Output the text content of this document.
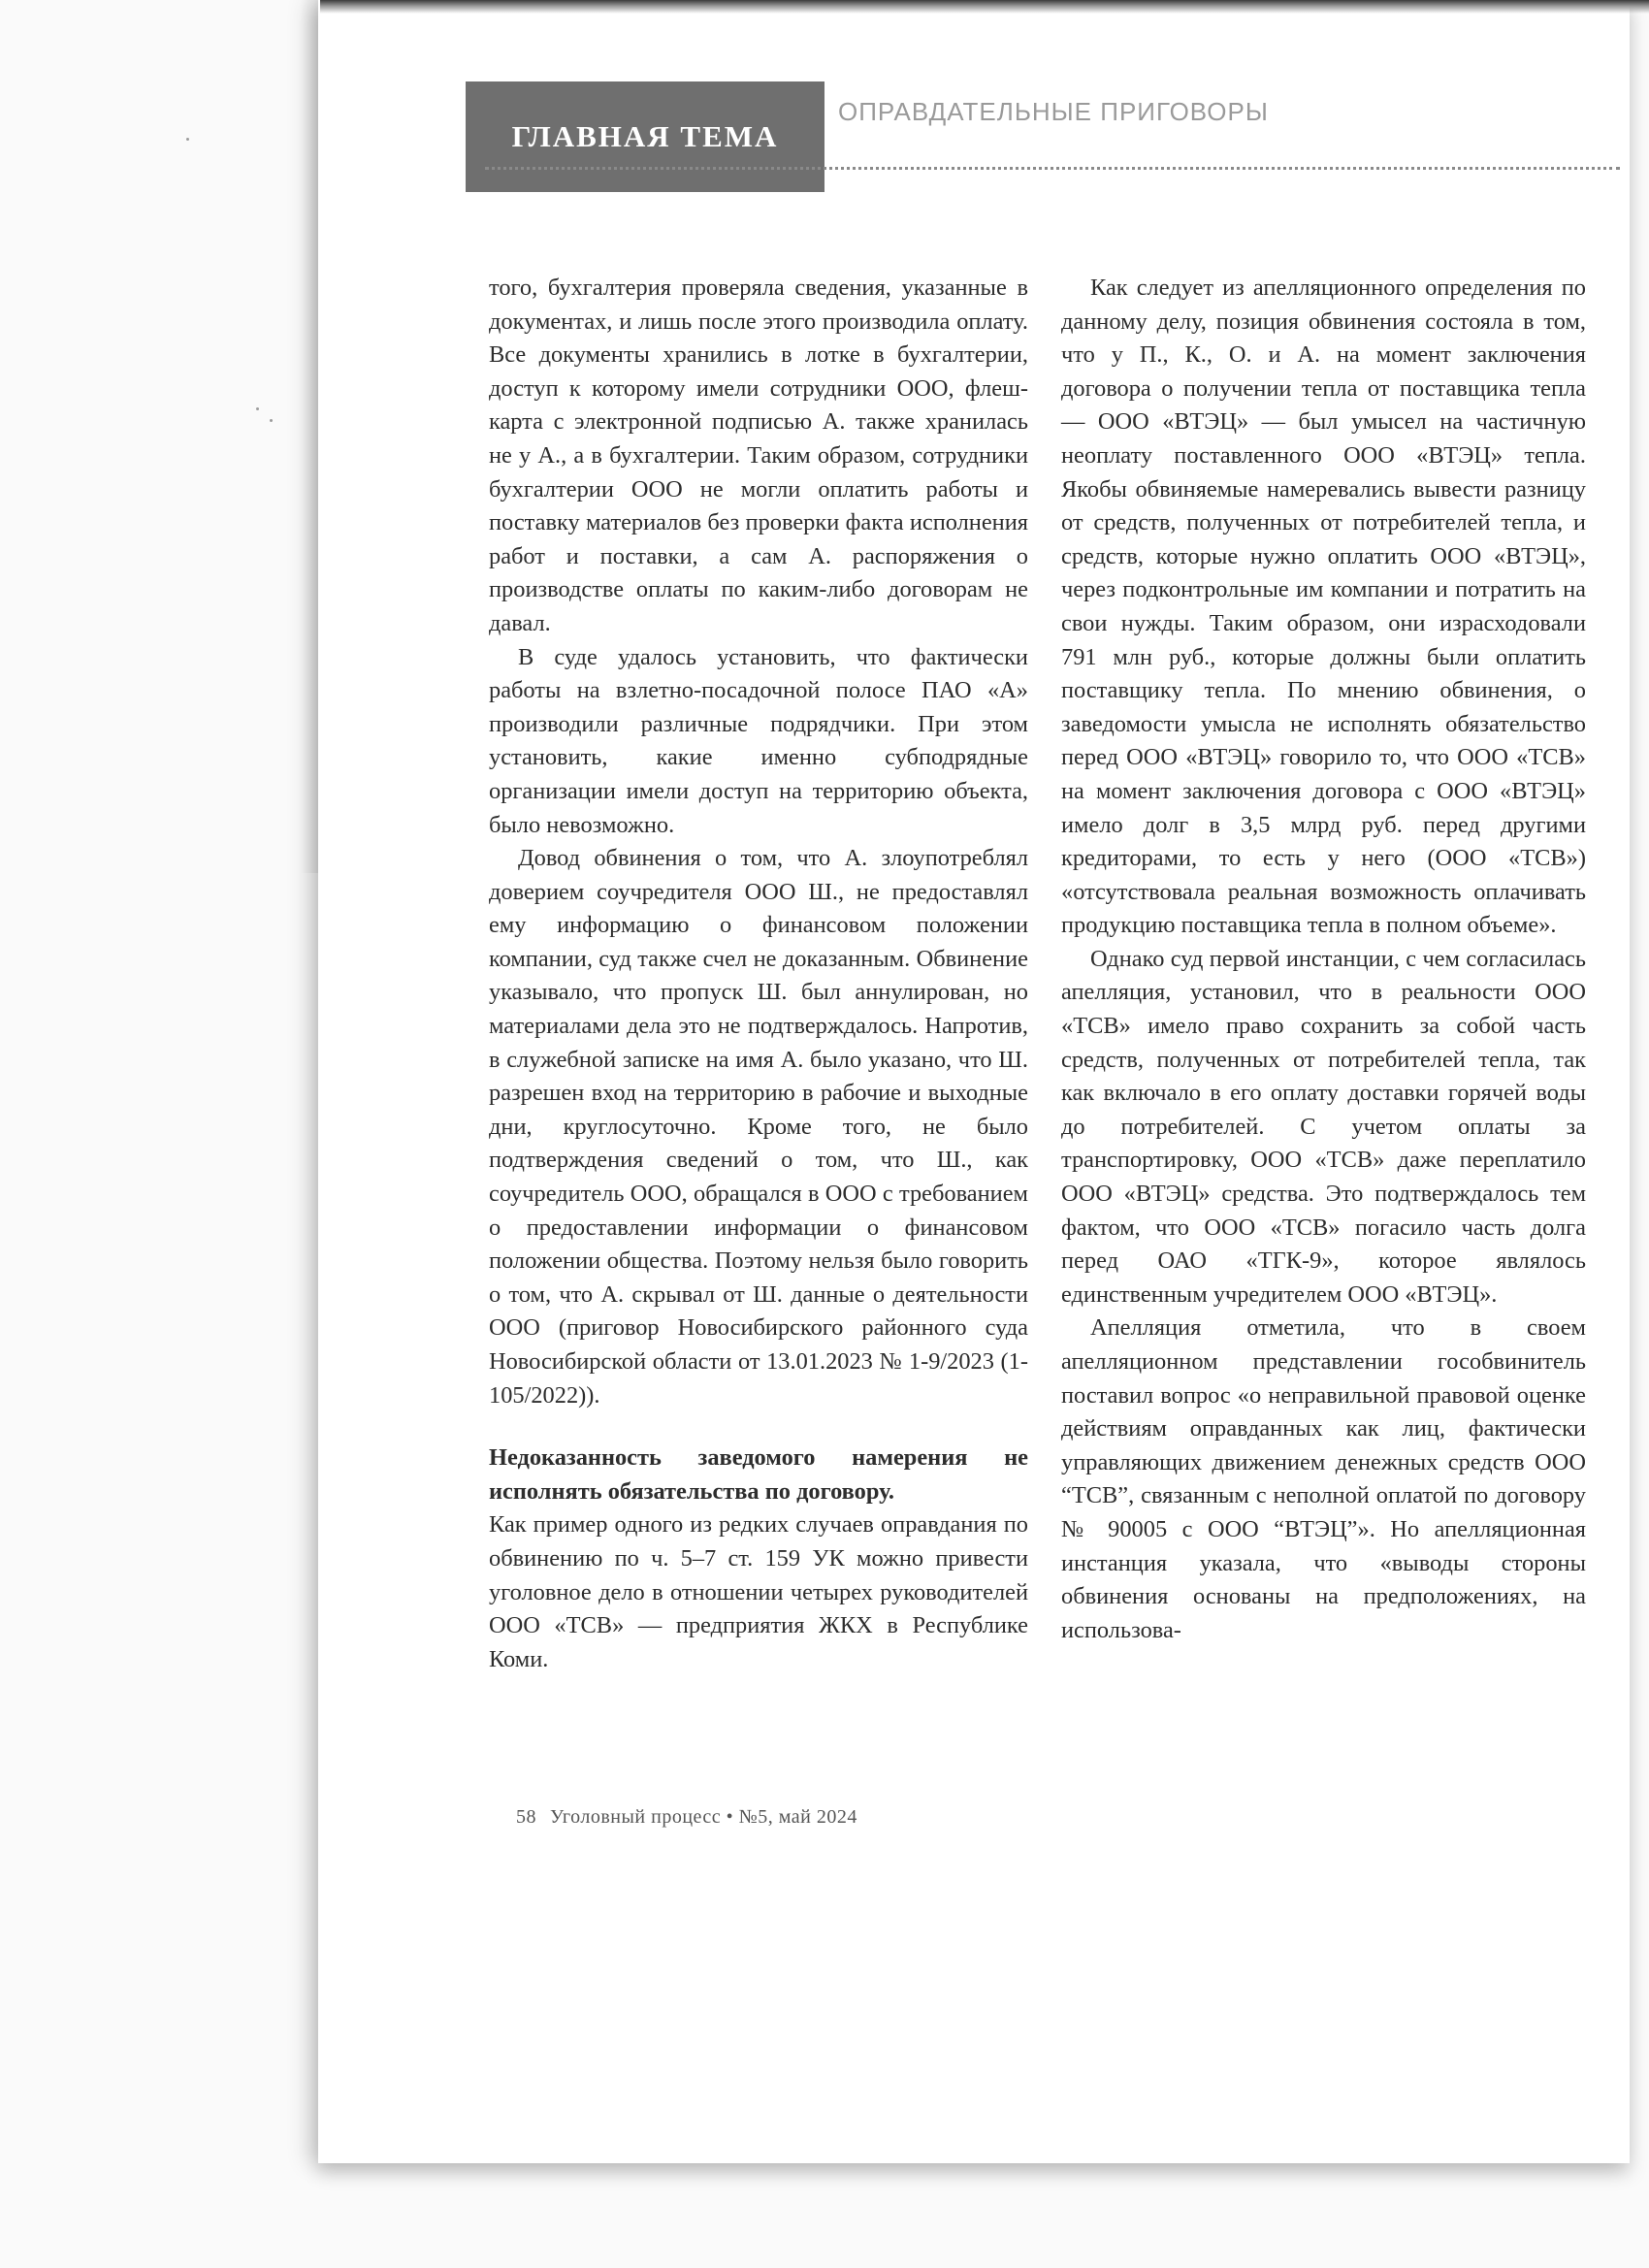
ГЛАВНАЯ ТЕМА
ОПРАВДАТЕЛЬНЫЕ ПРИГОВОРЫ

того, бухгалтерия проверяла сведения, указанные в документах, и лишь после этого производила оплату. Все документы хранились в лотке в бухгалтерии, доступ к которому имели сотрудники ООО, флеш-карта с электронной подписью А. также хранилась не у А., а в бухгалтерии. Таким образом, сотрудники бухгалтерии ООО не могли оплатить работы и поставку материалов без проверки факта исполнения работ и поставки, а сам А. распоряжения о производстве оплаты по каким-либо договорам не давал.

В суде удалось установить, что фактически работы на взлетно-посадочной полосе ПАО «А» производили различные подрядчики. При этом установить, какие именно субподрядные организации имели доступ на территорию объекта, было невозможно.

Довод обвинения о том, что А. злоупотреблял доверием соучредителя ООО Ш., не предоставлял ему информацию о финансовом положении компании, суд также счел не доказанным. Обвинение указывало, что пропуск Ш. был аннулирован, но материалами дела это не подтверждалось. Напротив, в служебной записке на имя А. было указано, что Ш. разрешен вход на территорию в рабочие и выходные дни, круглосуточно. Кроме того, не было подтверждения сведений о том, что Ш., как соучредитель ООО, обращался в ООО с требованием о предоставлении информации о финансовом положении общества. Поэтому нельзя было говорить о том, что А. скрывал от Ш. данные о деятельности ООО (приговор Новосибирского районного суда Новосибирской области от 13.01.2023 № 1-9/2023 (1-105/2022)).

Недоказанность заведомого намерения не исполнять обязательства по договору.

Как пример одного из редких случаев оправдания по обвинению по ч. 5–7 ст. 159 УК можно привести уголовное дело в отношении четырех руководителей ООО «ТСВ» — предприятия ЖКХ в Республике Коми.

Как следует из апелляционного определения по данному делу, позиция обвинения состояла в том, что у П., К., О. и А. на момент заключения договора о получении тепла от поставщика тепла — ООО «ВТЭЦ» — был умысел на частичную неоплату поставленного ООО «ВТЭЦ» тепла. Якобы обвиняемые намеревались вывести разницу от средств, полученных от потребителей тепла, и средств, которые нужно оплатить ООО «ВТЭЦ», через подконтрольные им компании и потратить на свои нужды. Таким образом, они израсходовали 791 млн руб., которые должны были оплатить поставщику тепла. По мнению обвинения, о заведомости умысла не исполнять обязательство перед ООО «ВТЭЦ» говорило то, что ООО «ТСВ» на момент заключения договора с ООО «ВТЭЦ» имело долг в 3,5 млрд руб. перед другими кредиторами, то есть у него (ООО «ТСВ») «отсутствовала реальная возможность оплачивать продукцию поставщика тепла в полном объеме».

Однако суд первой инстанции, с чем согласилась апелляция, установил, что в реальности ООО «ТСВ» имело право сохранить за собой часть средств, полученных от потребителей тепла, так как включало в его оплату доставки горячей воды до потребителей. С учетом оплаты за транспортировку, ООО «ТСВ» даже переплатило ООО «ВТЭЦ» средства. Это подтверждалось тем фактом, что ООО «ТСВ» погасило часть долга перед ОАО «ТГК-9», которое являлось единственным учредителем ООО «ВТЭЦ».

Апелляция отметила, что в своем апелляционном представлении гособвинитель поставил вопрос «о неправильной правовой оценке действиям оправданных как лиц, фактически управляющих движением денежных средств ООО “ТСВ”, связанным с неполной оплатой по договору № 90005 с ООО “ВТЭЦ”». Но апелляционная инстанция указала, что «выводы стороны обвинения основаны на предположениях, на использова-

58 Уголовный процесс • №5, май 2024
